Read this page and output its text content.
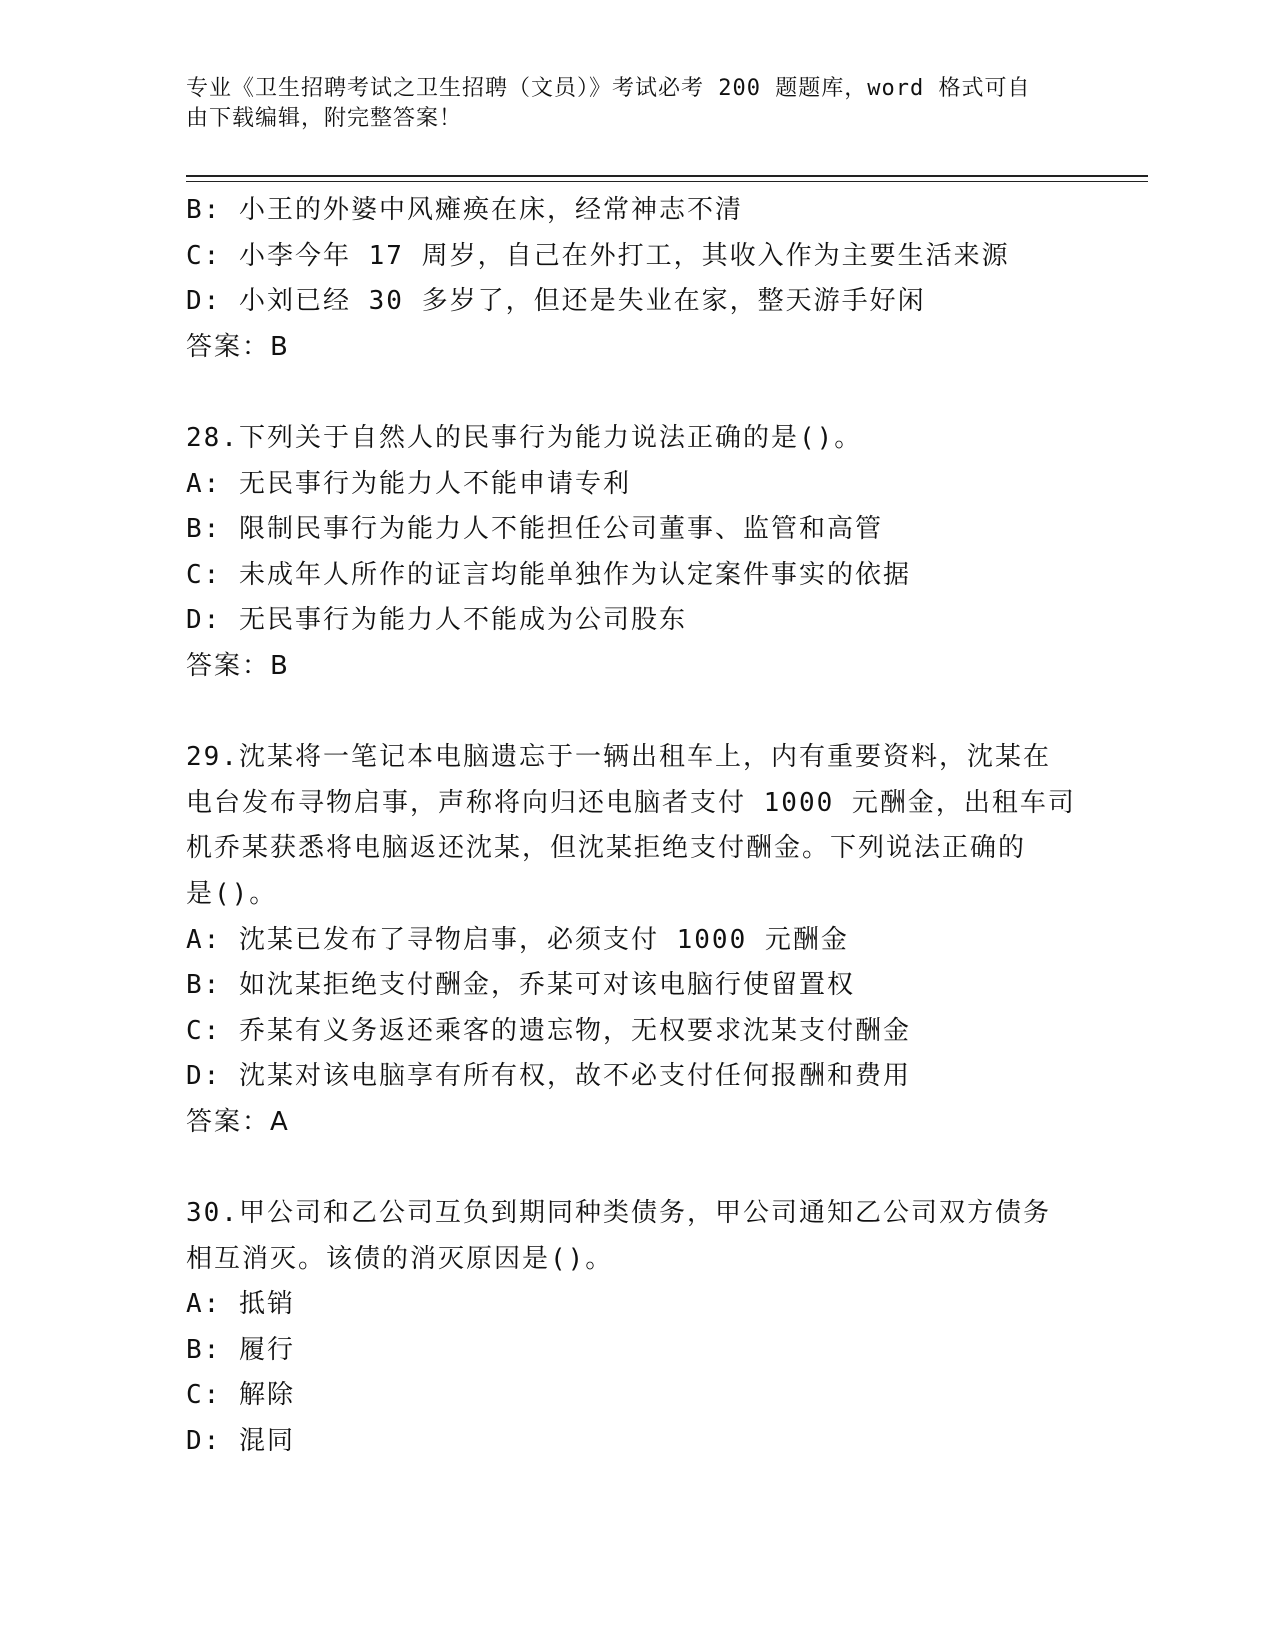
专业《卫生招聘考试之卫生招聘（文员）》考试必考 200 题题库，word 格式可自
由下载编辑，附完整答案！
B: 小王的外婆中风瘫痪在床，经常神志不清
C: 小李今年 17 周岁，自己在外打工，其收入作为主要生活来源
D: 小刘已经 30 多岁了，但还是失业在家，整天游手好闲
答案：B
28.下列关于自然人的民事行为能力说法正确的是()。
A: 无民事行为能力人不能申请专利
B: 限制民事行为能力人不能担任公司董事、监管和高管
C: 未成年人所作的证言均能单独作为认定案件事实的依据
D: 无民事行为能力人不能成为公司股东
答案：B
29.沈某将一笔记本电脑遗忘于一辆出租车上，内有重要资料，沈某在
电台发布寻物启事，声称将向归还电脑者支付 1000 元酬金，出租车司
机乔某获悉将电脑返还沈某，但沈某拒绝支付酬金。下列说法正确的
是()。
A: 沈某已发布了寻物启事，必须支付 1000 元酬金
B: 如沈某拒绝支付酬金，乔某可对该电脑行使留置权
C: 乔某有义务返还乘客的遗忘物，无权要求沈某支付酬金
D: 沈某对该电脑享有所有权，故不必支付任何报酬和费用
答案：A
30.甲公司和乙公司互负到期同种类债务，甲公司通知乙公司双方债务
相互消灭。该债的消灭原因是()。
A: 抵销
B: 履行
C: 解除
D: 混同
